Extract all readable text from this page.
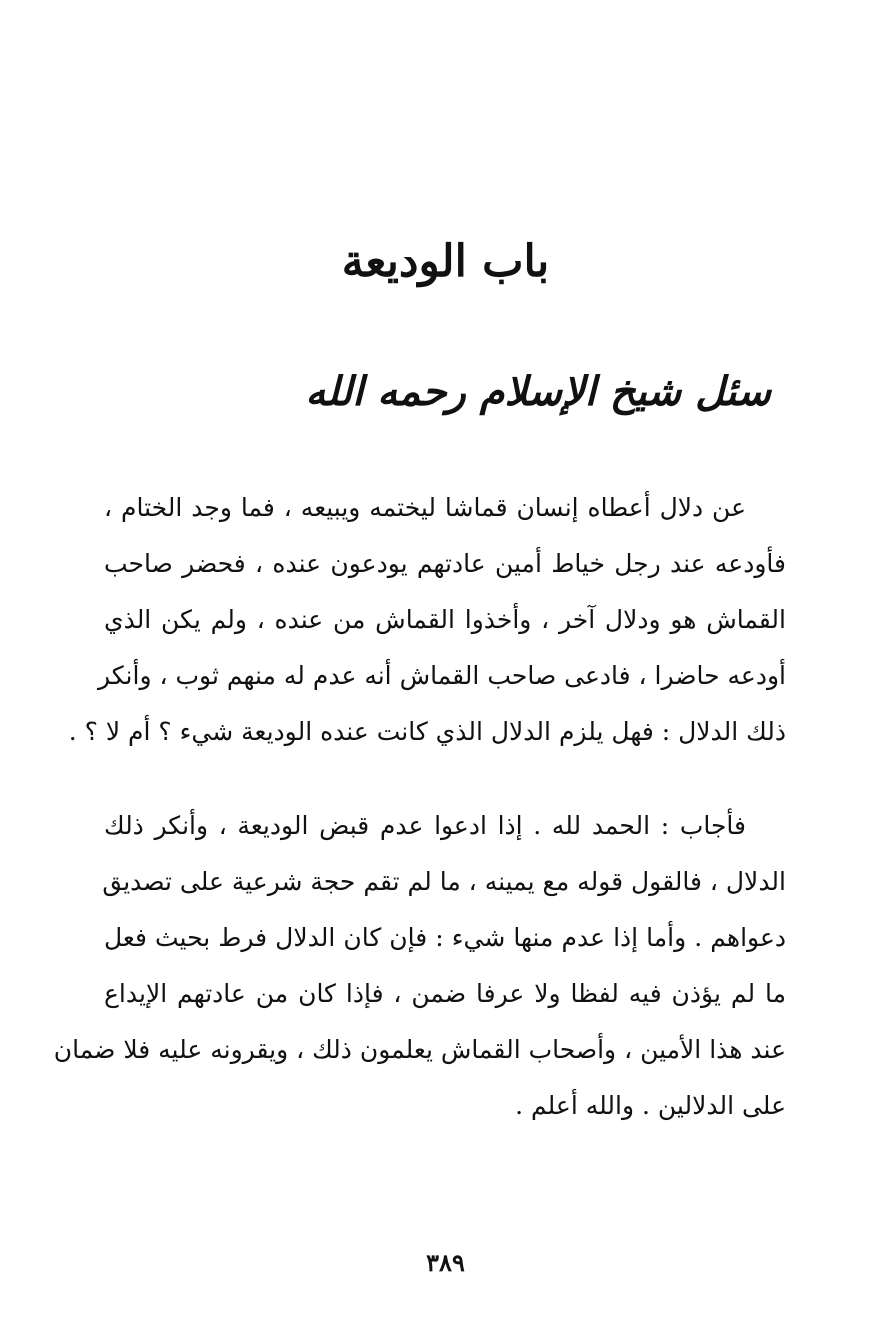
باب الوديعة
سئل شيخ الإسلام رحمه الله
عن دلال أعطاه إنسان قماشا ليختمه ويبيعه ، فما وجد الختام ،
فأودعه عند رجل خياط أمين عادتهم يودعون عنده ، فحضر صاحب
القماش هو ودلال آخر ، وأخذوا القماش من عنده ، ولم يكن الذي
أودعه حاضرا ، فادعى صاحب القماش أنه عدم له منهم ثوب ، وأنكر
ذلك الدلال : فهل يلزم الدلال الذي كانت عنده الوديعة شيء ؟ أم لا ؟ .
فأجاب : الحمد لله . إذا ادعوا عدم قبض الوديعة ، وأنكر ذلك
الدلال ، فالقول قوله مع يمينه ، ما لم تقم حجة شرعية على تصديق
دعواهم . وأما إذا عدم منها شيء : فإن كان الدلال فرط بحيث فعل
ما لم يؤذن فيه لفظا ولا عرفا ضمن ، فإذا كان من عادتهم الإيداع
عند هذا الأمين ، وأصحاب القماش يعلمون ذلك ، ويقرونه عليه فلا ضمان
على الدلالين . والله أعلم .
٣٨٩
